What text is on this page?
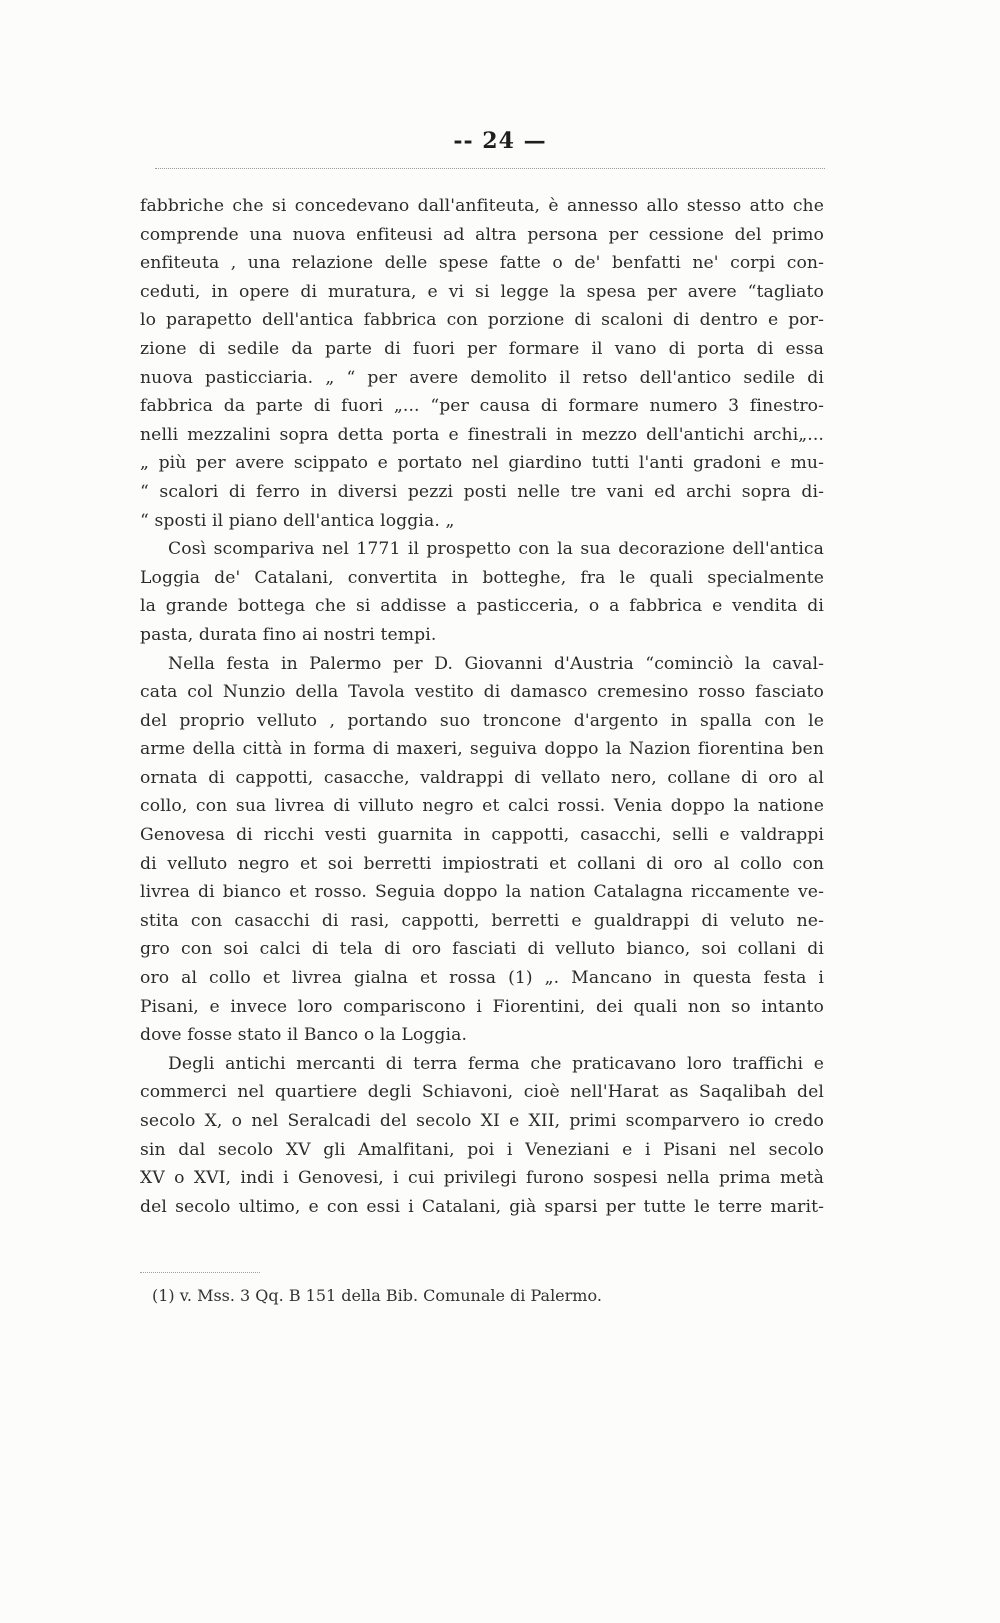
-- 24 —
fabbriche che si concedevano dall'anfiteuta, è annesso allo stesso atto che
comprende una nuova enfiteusi ad altra persona per cessione del primo
enfiteuta , una relazione delle spese fatte o de' benfatti ne' corpi con-
ceduti, in opere di muratura, e vi si legge la spesa per avere “tagliato
lo parapetto dell'antica fabbrica con porzione di scaloni di dentro e por-
zione di sedile da parte di fuori per formare il vano di porta di essa
nuova pasticciaria. „ “ per avere demolito il retso dell'antico sedile di
fabbrica da parte di fuori „... “per causa di formare numero 3 finestro-
nelli mezzalini sopra detta porta e finestrali in mezzo dell'antichi archi„...
„ più per avere scippato e portato nel giardino tutti l'anti gradoni e mu-
“ scalori di ferro in diversi pezzi posti nelle tre vani ed archi sopra di-
“ sposti il piano dell'antica loggia. „
Così scompariva nel 1771 il prospetto con la sua decorazione dell'antica
Loggia de' Catalani, convertita in botteghe, fra le quali specialmente
la grande bottega che si addisse a pasticceria, o a fabbrica e vendita di
pasta, durata fino ai nostri tempi.
Nella festa in Palermo per D. Giovanni d'Austria “cominciò la caval-
cata col Nunzio della Tavola vestito di damasco cremesino rosso fasciato
del proprio velluto , portando suo troncone d'argento in spalla con le
arme della città in forma di maxeri, seguiva doppo la Nazion fiorentina ben
ornata di cappotti, casacche, valdrappi di vellato nero, collane di oro al
collo, con sua livrea di villuto negro et calci rossi. Venia doppo la natione
Genovesa di ricchi vesti guarnita in cappotti, casacchi, selli e valdrappi
di velluto negro et soi berretti impiostrati et collani di oro al collo con
livrea di bianco et rosso. Seguia doppo la nation Catalagna riccamente ve-
stita con casacchi di rasi, cappotti, berretti e gualdrappi di veluto ne-
gro con soi calci di tela di oro fasciati di velluto bianco, soi collani di
oro al collo et livrea gialna et rossa (1) „. Mancano in questa festa i
Pisani, e invece loro compariscono i Fiorentini, dei quali non so intanto
dove fosse stato il Banco o la Loggia.
Degli antichi mercanti di terra ferma che praticavano loro traffichi e
commerci nel quartiere degli Schiavoni, cioè nell'Harat as Saqalibah del
secolo X, o nel Seralcadi del secolo XI e XII, primi scomparvero io credo
sin dal secolo XV gli Amalfitani, poi i Veneziani e i Pisani nel secolo
XV o XVI, indi i Genovesi, i cui privilegi furono sospesi nella prima metà
del secolo ultimo, e con essi i Catalani, già sparsi per tutte le terre marit-
(1) v. Mss. 3 Qq. B 151 della Bib. Comunale di Palermo.
